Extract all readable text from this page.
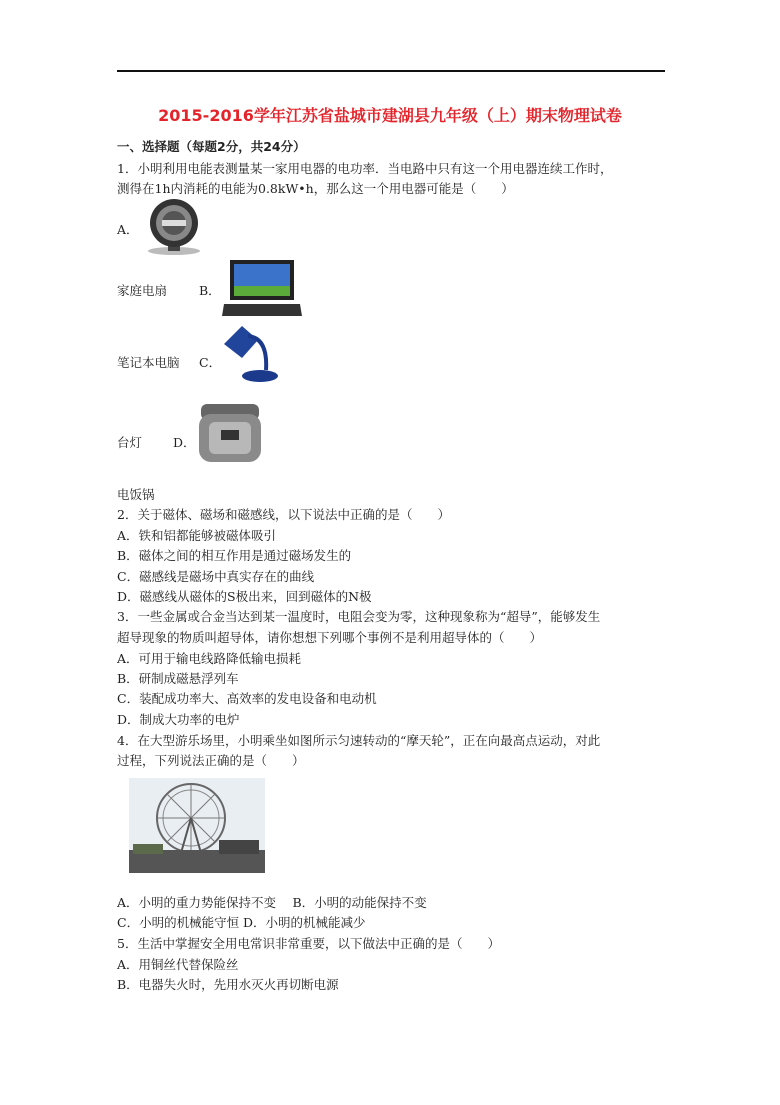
2015-2016学年江苏省盐城市建湖县九年级（上）期末物理试卷
一、选择题（每题2分，共24分）
1．小明利用电能表测量某一家用电器的电功率．当电路中只有这一个用电器连续工作时，
测得在1h内消耗的电能为0.8kW•h，那么这一个用电器可能是（　　）
A．
家庭电扇	B．
笔记本电脑 C．
台灯 D．
电饭锅
2．关于磁体、磁场和磁感线，以下说法中正确的是（　　）
A．铁和铝都能够被磁体吸引
B．磁体之间的相互作用是通过磁场发生的
C．磁感线是磁场中真实存在的曲线
D．磁感线从磁体的S极出来，回到磁体的N极
3．一些金属或合金当达到某一温度时，电阻会变为零，这种现象称为“超导”，能够发生
超导现象的物质叫超导体，请你想想下列哪个事例不是利用超导体的（　　）
A．可用于输电线路降低输电损耗
B．研制成磁悬浮列车
C．装配成功率大、高效率的发电设备和电动机
D．制成大功率的电炉
4．在大型游乐场里，小明乘坐如图所示匀速转动的“摩天轮”，正在向最高点运动，对此
过程，下列说法正确的是（　　）
A．小明的重力势能保持不变　 B．小明的动能保持不变
C．小明的机械能守恒 D．小明的机械能减少
5．生活中掌握安全用电常识非常重要，以下做法中正确的是（　　）
A．用铜丝代替保险丝
B．电器失火时，先用水灭火再切断电源
